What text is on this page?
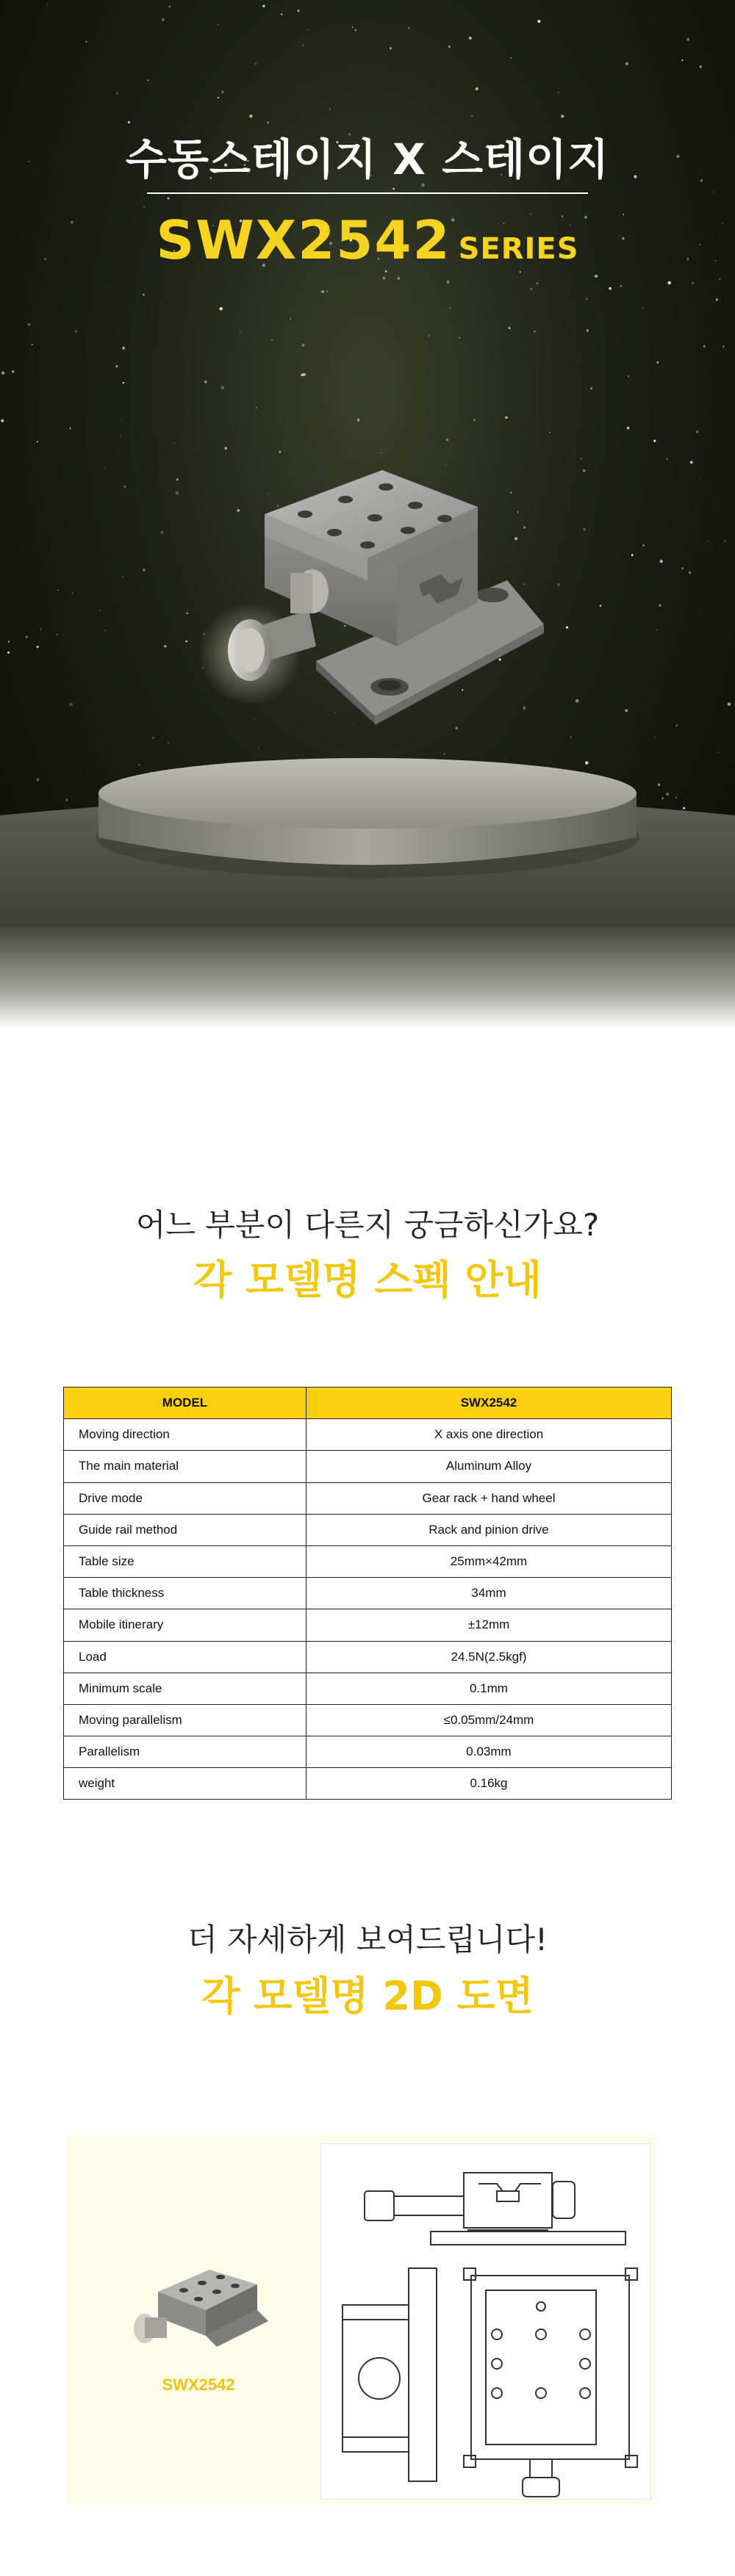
수동스테이지 X 스테이지
SWX2542 SERIES
어느 부분이 다른지 궁금하신가요?
각 모델명 스펙 안내
MODEL	SWX2542
Moving direction	X axis one direction
The main material	Aluminum Alloy
Drive mode	Gear rack + hand wheel
Guide rail method	Rack and pinion drive
Table size	25mm×42mm
Table thickness	34mm
Mobile itinerary	±12mm
Load	24.5N(2.5kgf)
Minimum scale	0.1mm
Moving parallelism	≤0.05mm/24mm
Parallelism	0.03mm
weight	0.16kg
더 자세하게 보여드립니다!
각 모델명 2D 도면
SWX2542
